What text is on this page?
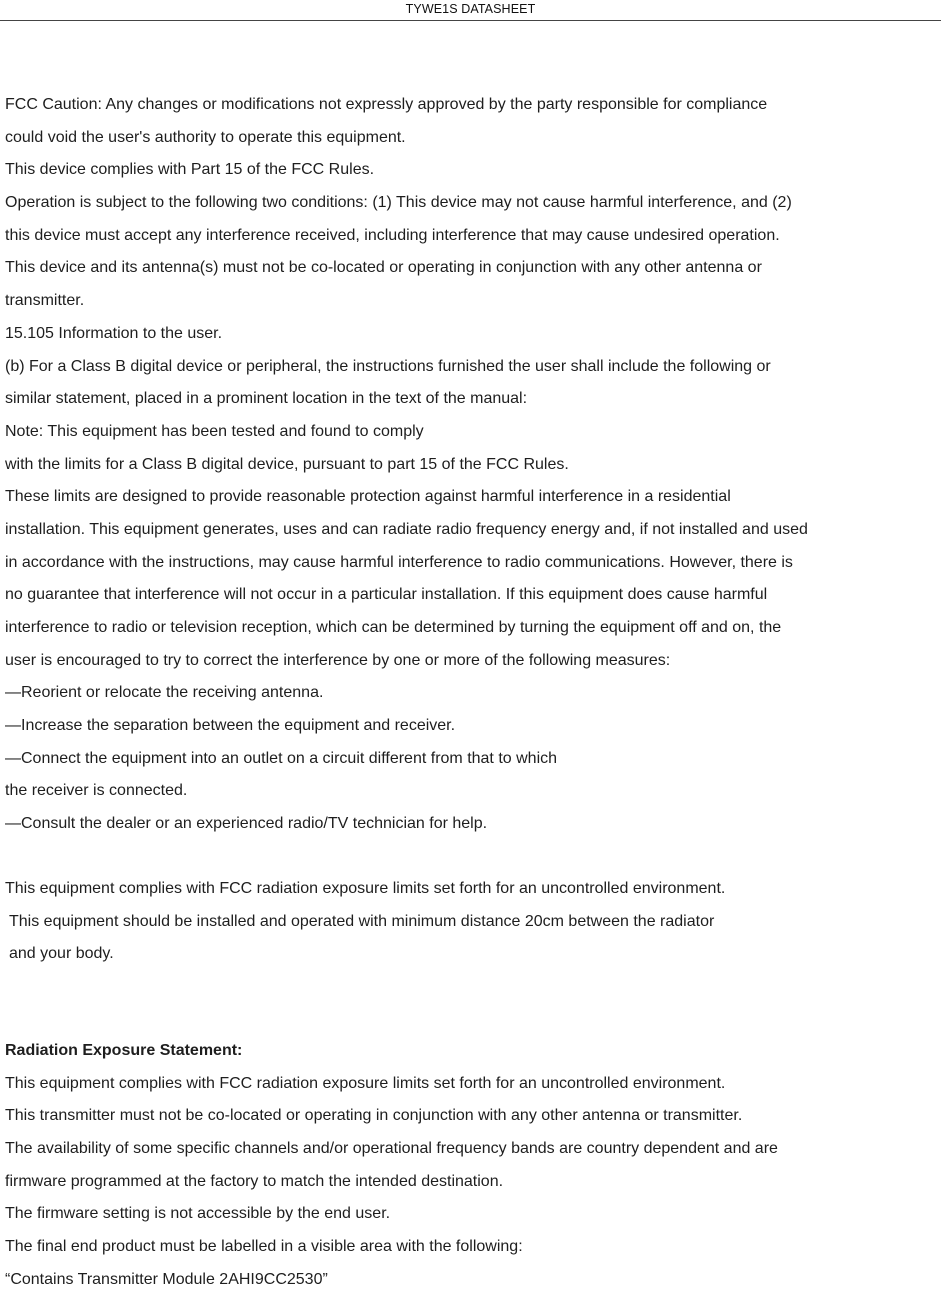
TYWE1S DATASHEET
FCC Caution: Any changes or modifications not expressly approved by the party responsible for compliance
could void the user's authority to operate this equipment.
This device complies with Part 15 of the FCC Rules.
Operation is subject to the following two conditions: (1) This device may not cause harmful interference, and (2)
this device must accept any interference received, including interference that may cause undesired operation.
This device and its antenna(s) must not be co-located or operating in conjunction with any other antenna or
transmitter.
15.105 Information to the user.
(b) For a Class B digital device or peripheral, the instructions furnished the user shall include the following or
similar statement, placed in a prominent location in the text of the manual:
Note: This equipment has been tested and found to comply
with the limits for a Class B digital device, pursuant to part 15 of the FCC Rules.
These limits are designed to provide reasonable protection against harmful interference in a residential
installation. This equipment generates, uses and can radiate radio frequency energy and, if not installed and used
in accordance with the instructions, may cause harmful interference to radio communications. However, there is
no guarantee that interference will not occur in a particular installation. If this equipment does cause harmful
interference to radio or television reception, which can be determined by turning the equipment off and on, the
user is encouraged to try to correct the interference by one or more of the following measures:
—Reorient or relocate the receiving antenna.
—Increase the separation between the equipment and receiver.
—Connect the equipment into an outlet on a circuit different from that to which
the receiver is connected.
—Consult the dealer or an experienced radio/TV technician for help.
This equipment complies with FCC radiation exposure limits set forth for an uncontrolled environment.
This equipment should be installed and operated with minimum distance 20cm between the radiator
and your body.
Radiation Exposure Statement:
This equipment complies with FCC radiation exposure limits set forth for an uncontrolled environment.
This transmitter must not be co-located or operating in conjunction with any other antenna or transmitter.
The availability of some specific channels and/or operational frequency bands are country dependent and are
firmware programmed at the factory to match the intended destination.
The firmware setting is not accessible by the end user.
The final end product must be labelled in a visible area with the following:
“Contains Transmitter Module 2AHI9CC2530”
